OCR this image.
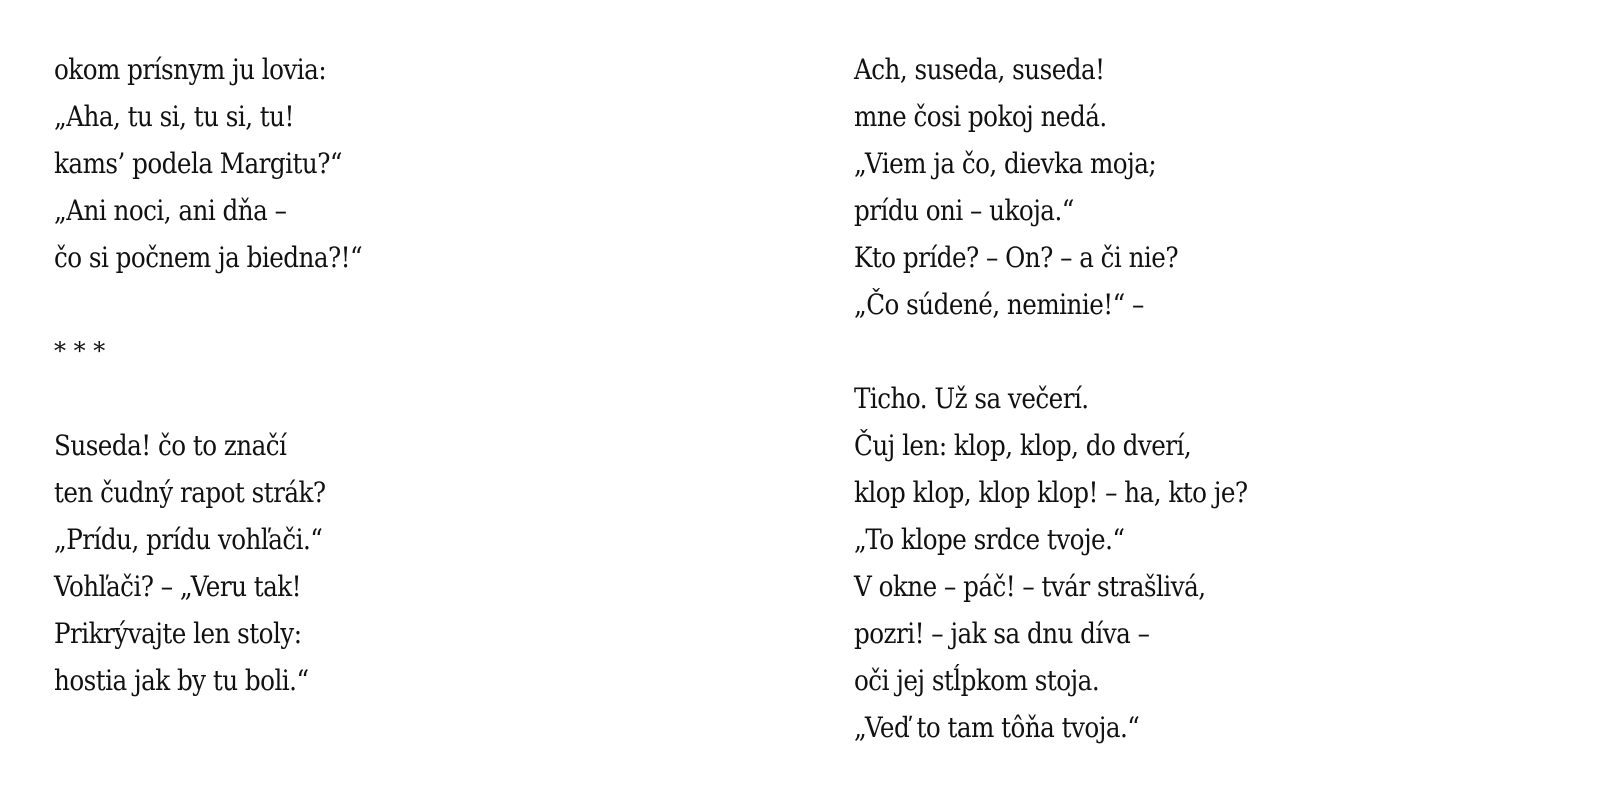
okom prísnym ju lovia:
„Aha, tu si, tu si, tu!
kams’ podela Margitu?“
„Ani noci, ani dňa –
čo si počnem ja biedna?!“
* * *
Suseda! čo to značí
ten čudný rapot strák?
„Prídu, prídu vohľači.“
Vohľači? – „Veru tak!
Prikrývajte len stoly:
hostia jak by tu boli.“
Ach, suseda, suseda!
mne čosi pokoj nedá.
„Viem ja čo, dievka moja;
prídu oni – ukoja.“
Kto príde? – On? – a či nie?
„Čo súdené, neminie!“ –
Ticho. Už sa večerí.
Čuj len: klop, klop, do dverí,
klop klop, klop klop! – ha, kto je?
„To klope srdce tvoje.“
V okne – páč! – tvár strašlivá,
pozri! – jak sa dnu díva –
oči jej stĺpkom stoja.
„Veď to tam tôňa tvoja.“
